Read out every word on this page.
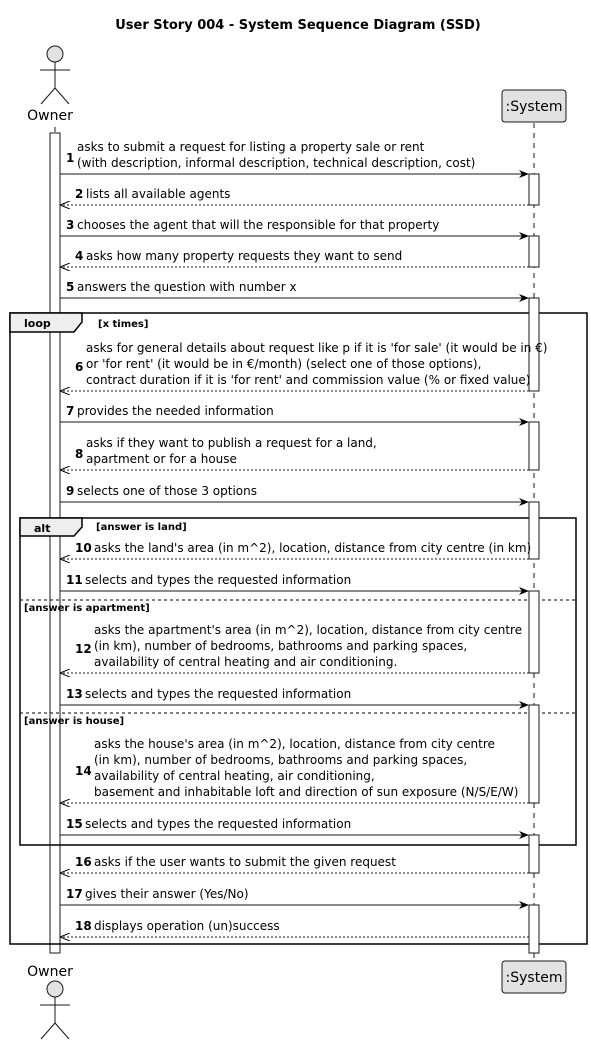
User Story 004 - System Sequence Diagram (SSD)
Owner
:System
loop	[x times]
alt	[answer is land]
[answer is apartment]
[answer is house]
1
asks to submit a request for listing a property sale or rent
(with description, informal description, technical description, cost)
2 lists all available agents
3 chooses the agent that will the responsible for that property
4 asks how many property requests they want to send
5 answers the question with number x
6
asks for general details about request like p if it is 'for sale' (it would be in €)
or 'for rent' (it would be in €/month) (select one of those options),
contract duration if it is 'for rent' and commission value (% or fixed value)
7 provides the needed information
8
asks if they want to publish a request for a land,
apartment or for a house
9 selects one of those 3 options
10 asks the land's area (in m^2), location, distance from city centre (in km)
11 selects and types the requested information
12
asks the apartment's area (in m^2), location, distance from city centre
(in km), number of bedrooms, bathrooms and parking spaces,
availability of central heating and air conditioning.
13 selects and types the requested information
14
asks the house's area (in m^2), location, distance from city centre
(in km), number of bedrooms, bathrooms and parking spaces,
availability of central heating, air conditioning,
basement and inhabitable loft and direction of sun exposure (N/S/E/W)
15 selects and types the requested information
16 asks if the user wants to submit the given request
17 gives their answer (Yes/No)
18 displays operation (un)success
Owner	:System
